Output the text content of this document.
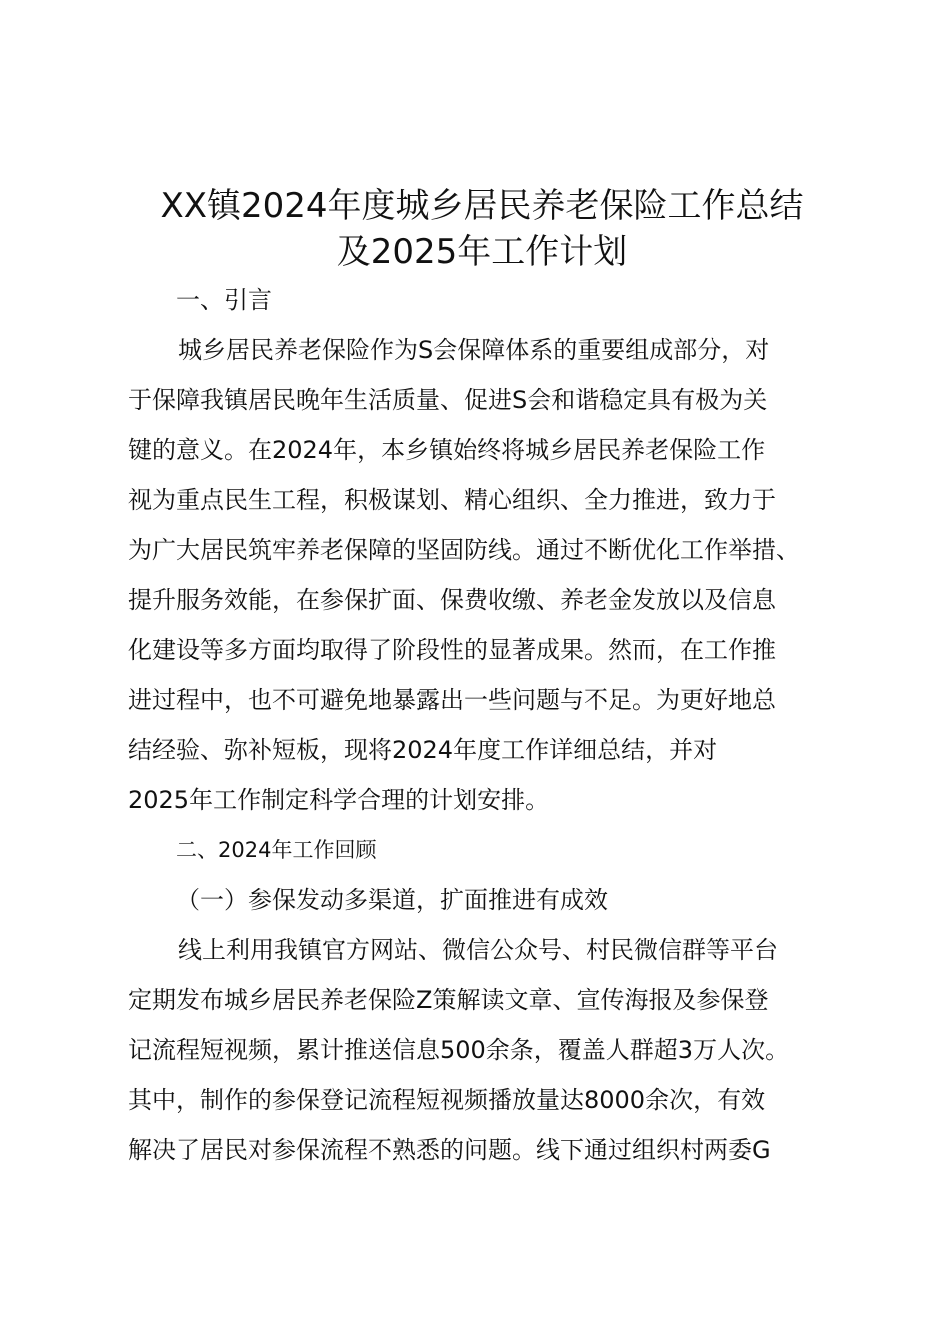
XX镇2024年度城乡居民养老保险工作总结
及2025年工作计划
一、引言
城乡居民养老保险作为S会保障体系的重要组成部分，对
于保障我镇居民晚年生活质量、促进S会和谐稳定具有极为关
键的意义。在2024年，本乡镇始终将城乡居民养老保险工作
视为重点民生工程，积极谋划、精心组织、全力推进，致力于
为广大居民筑牢养老保障的坚固防线。通过不断优化工作举措、
提升服务效能，在参保扩面、保费收缴、养老金发放以及信息
化建设等多方面均取得了阶段性的显著成果。然而，在工作推
进过程中，也不可避免地暴露出一些问题与不足。为更好地总
结经验、弥补短板，现将2024年度工作详细总结，并对
2025年工作制定科学合理的计划安排。
二、2024年工作回顾
（一）参保发动多渠道，扩面推进有成效
线上利用我镇官方网站、微信公众号、村民微信群等平台
定期发布城乡居民养老保险Z策解读文章、宣传海报及参保登
记流程短视频，累计推送信息500余条，覆盖人群超3万人次。
其中，制作的参保登记流程短视频播放量达8000余次，有效
解决了居民对参保流程不熟悉的问题。线下通过组织村两委G
